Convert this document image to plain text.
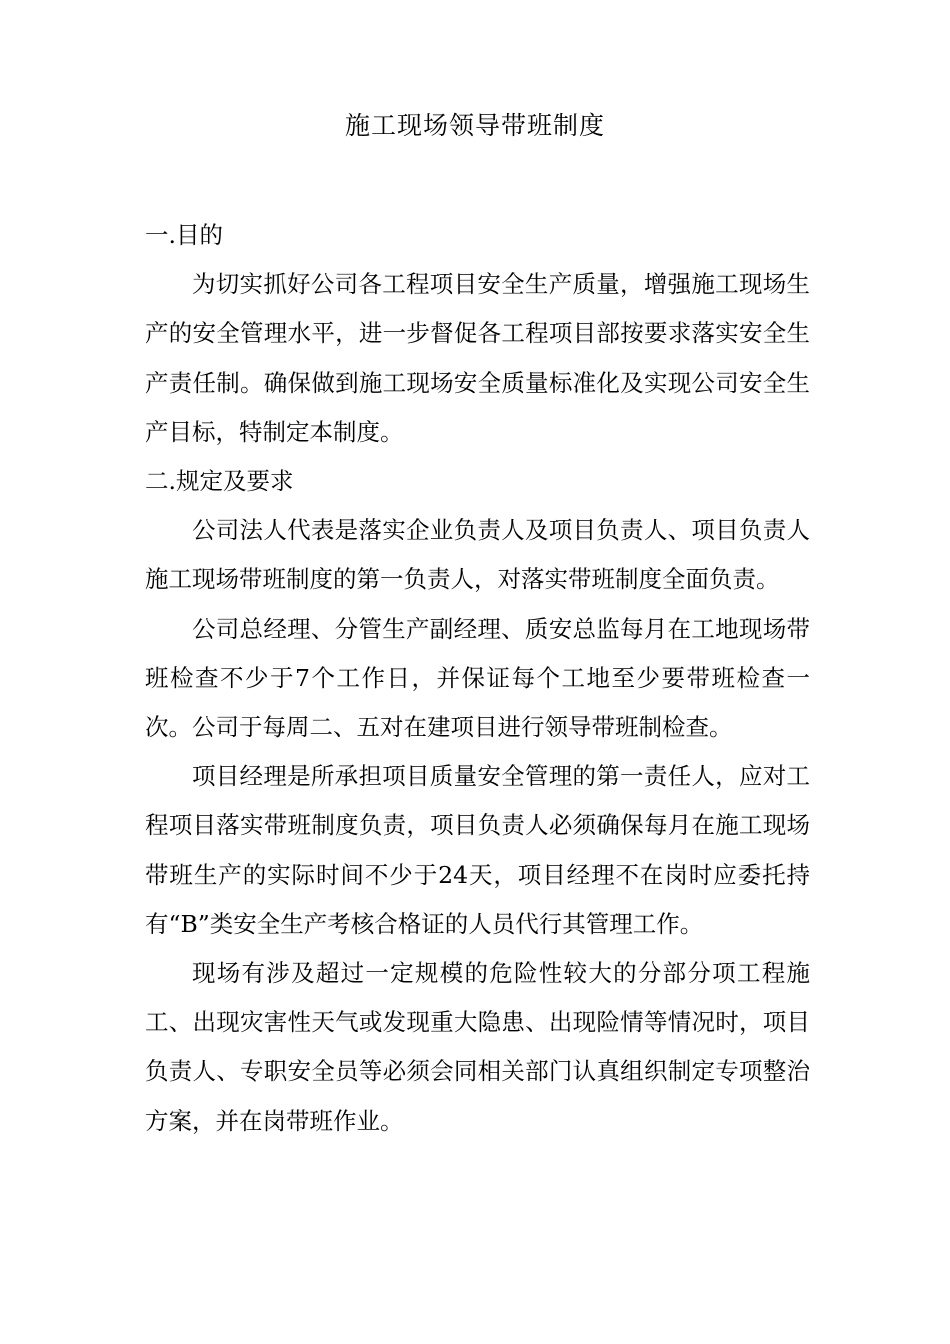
施工现场领导带班制度

一.目的

为切实抓好公司各工程项目安全生产质量，增强施工现场生产的安全管理水平，进一步督促各工程项目部按要求落实安全生产责任制。确保做到施工现场安全质量标准化及实现公司安全生产目标，特制定本制度。

二.规定及要求

公司法人代表是落实企业负责人及项目负责人、项目负责人施工现场带班制度的第一负责人，对落实带班制度全面负责。

公司总经理、分管生产副经理、质安总监每月在工地现场带班检查不少于7个工作日，并保证每个工地至少要带班检查一次。公司于每周二、五对在建项目进行领导带班制检查。

项目经理是所承担项目质量安全管理的第一责任人，应对工程项目落实带班制度负责，项目负责人必须确保每月在施工现场带班生产的实际时间不少于24天，项目经理不在岗时应委托持有“B”类安全生产考核合格证的人员代行其管理工作。

现场有涉及超过一定规模的危险性较大的分部分项工程施工、出现灾害性天气或发现重大隐患、出现险情等情况时，项目负责人、专职安全员等必须会同相关部门认真组织制定专项整治方案，并在岗带班作业。
